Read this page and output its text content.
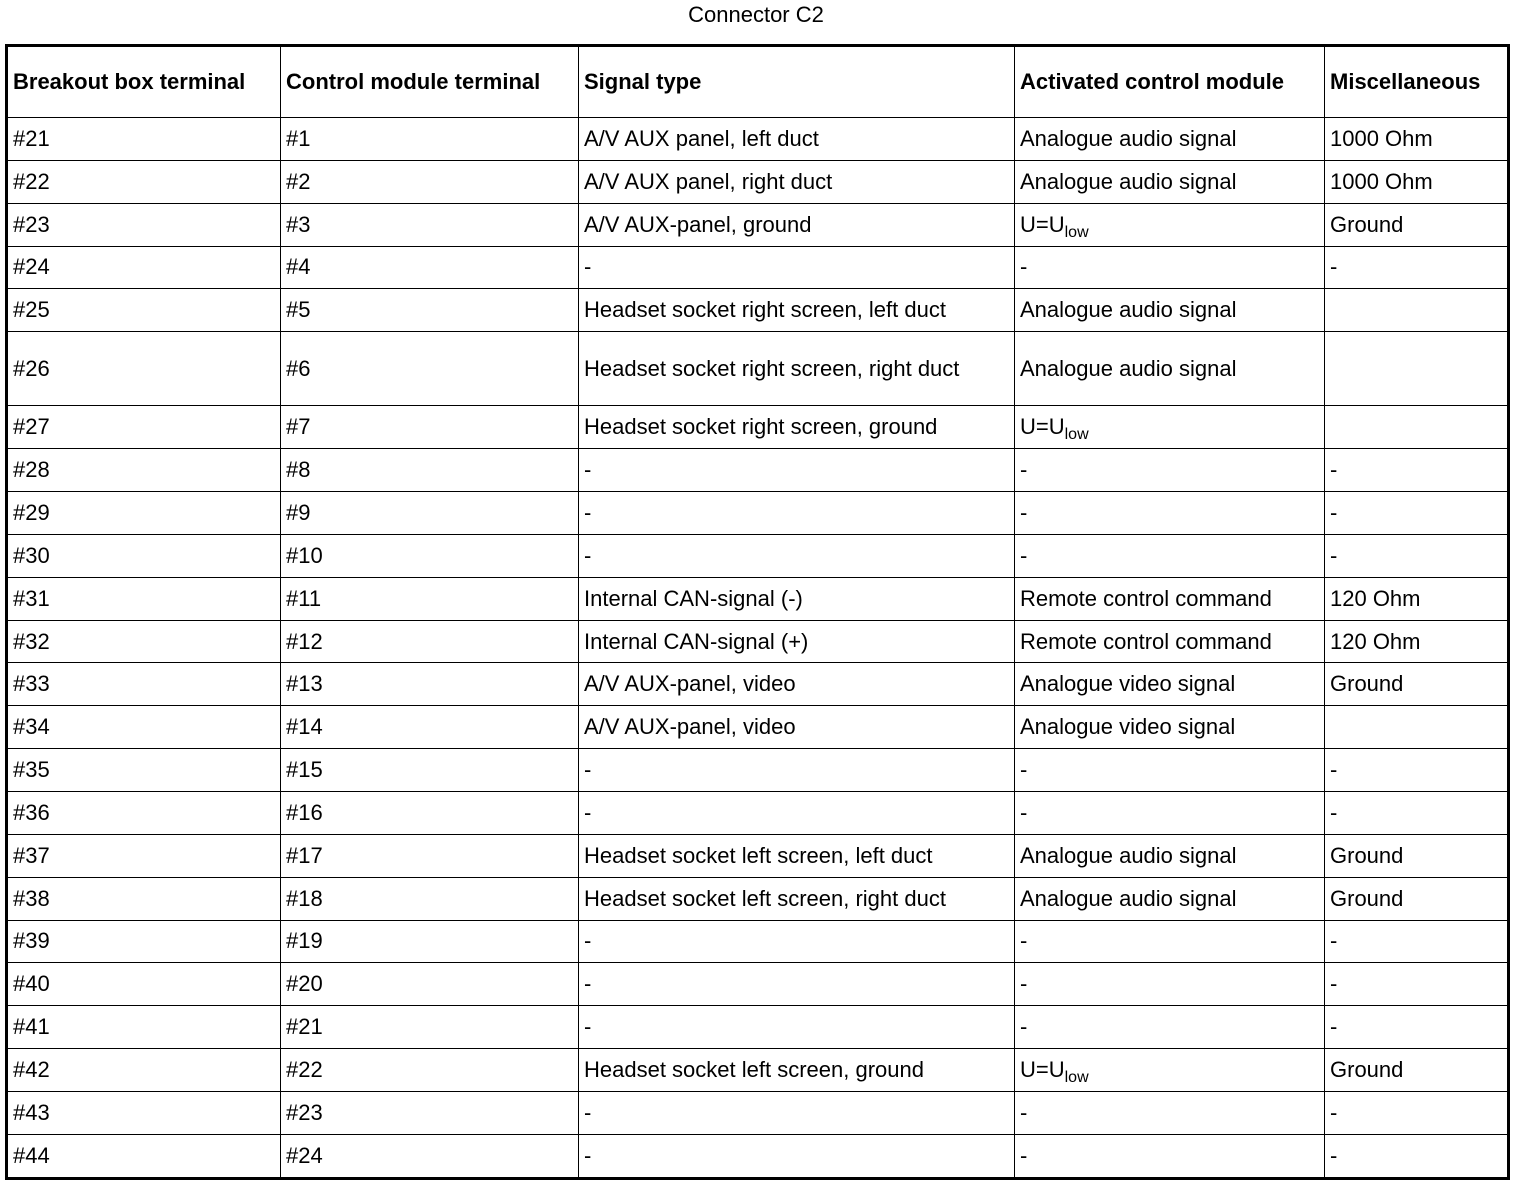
Connector C2
Breakout box terminal	Control module terminal	Signal type	Activated control module	Miscellaneous
#21	#1	A/V AUX panel, left duct	Analogue audio signal	1000 Ohm
#22	#2	A/V AUX panel, right duct	Analogue audio signal	1000 Ohm
#23	#3	A/V AUX-panel, ground	$U=U_{low}$	Ground
#24	#4	-	-	-
#25	#5	Headset socket right screen, left duct	Analogue audio signal	
#26	#6	Headset socket right screen, right duct	Analogue audio signal	
#27	#7	Headset socket right screen, ground	$U=U_{low}$	
#28	#8	-	-	-
#29	#9	-	-	-
#30	#10	-	-	-
#31	#11	Internal CAN-signal (-)	Remote control command	120 Ohm
#32	#12	Internal CAN-signal (+)	Remote control command	120 Ohm
#33	#13	A/V AUX-panel, video	Analogue video signal	Ground
#34	#14	A/V AUX-panel, video	Analogue video signal	
#35	#15	-	-	-
#36	#16	-	-	-
#37	#17	Headset socket left screen, left duct	Analogue audio signal	Ground
#38	#18	Headset socket left screen, right duct	Analogue audio signal	Ground
#39	#19	-	-	-
#40	#20	-	-	-
#41	#21	-	-	-
#42	#22	Headset socket left screen, ground	$U=U_{low}$	Ground
#43	#23	-	-	-
#44	#24	-	-	-
